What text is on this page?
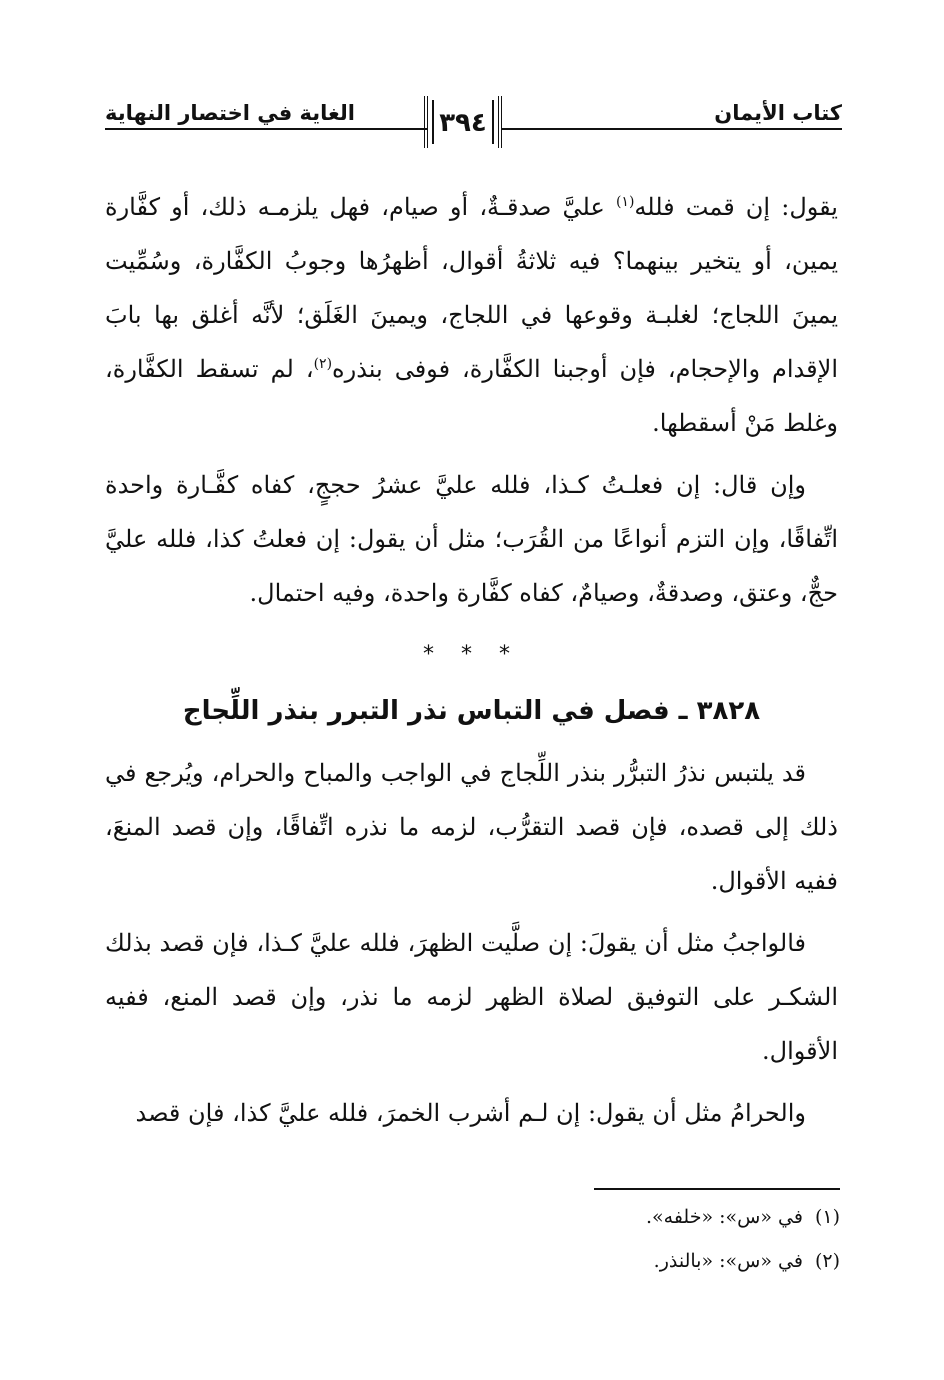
كتاب الأيمان
٣٩٤
الغاية في اختصار النهاية

يقول: إن قمت فلله$^{(١)}$ عليَّ صدقـةٌ، أو صيام، فهل يلزمـه ذلك، أو كفَّارة يمين، أو يتخير بينهما؟ فيه ثلاثةُ أقوال، أظهرُها وجوبُ الكفَّارة، وسُمِّيت يمينَ اللجاج؛ لغلبـة وقوعها في اللجاج، ويمينَ الغَلَق؛ لأنَّه أغلق بها بابَ الإقدام والإحجام، فإن أوجبنا الكفَّارة، فوفى بنذره$^{(٢)}$، لم تسقط الكفَّارة، وغلط مَنْ أسقطها.

وإن قال: إن فعلـتُ كـذا، فلله عليَّ عشرُ حججٍ، كفاه كفَّـارة واحدة اتِّفاقًا، وإن التزم أنواعًا من القُرَب؛ مثل أن يقول: إن فعلتُ كذا، فلله عليَّ حجٌّ، وعتق، وصدقةٌ، وصيامٌ، كفاه كفَّارة واحدة، وفيه احتمال.

* * *
٣٨٢٨ ـ فصل في التباس نذر التبرر بنذر اللِّجاج

قد يلتبس نذرُ التبرُّر بنذر اللِّجاج في الواجب والمباح والحرام، ويُرجع في ذلك إلى قصده، فإن قصد التقرُّب، لزمه ما نذره اتِّفاقًا، وإن قصد المنعَ، ففيه الأقوال.

فالواجبُ مثل أن يقولَ: إن صلَّيت الظهرَ، فلله عليَّ كـذا، فإن قصد بذلك الشكـر على التوفيق لصلاة الظهر لزمه ما نذر، وإن قصد المنع، ففيه الأقوال.

والحرامُ مثل أن يقول: إن لـم أشرب الخمرَ، فلله عليَّ كذا، فإن قصد

(١)في «س»: «خلفه».
(٢)في «س»: «بالنذر.
